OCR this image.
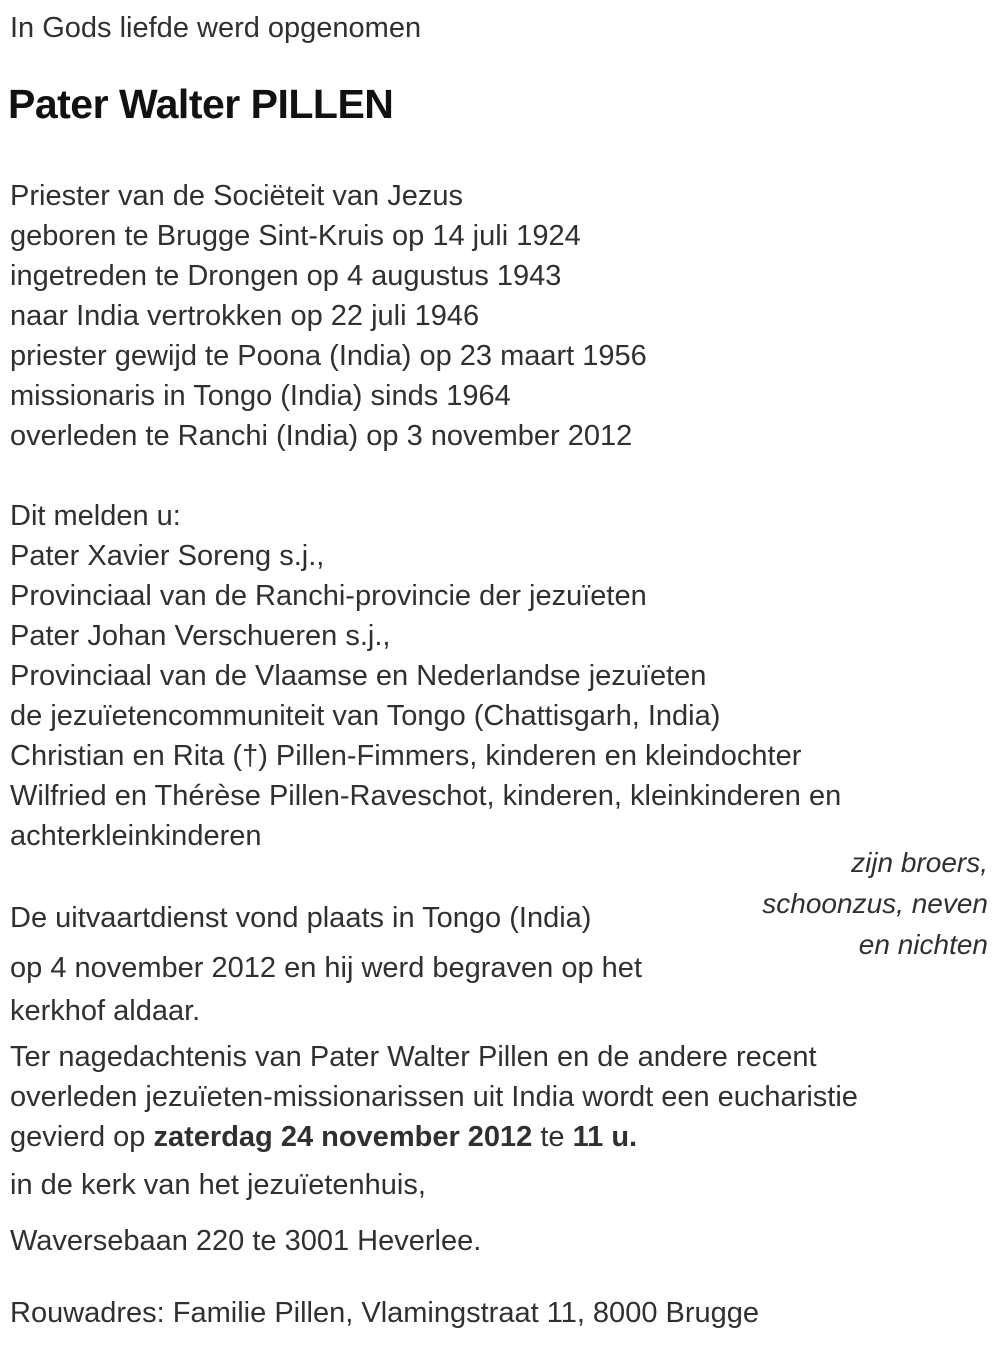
In Gods liefde werd opgenomen
Pater Walter PILLEN
Priester van de Sociëteit van Jezus
geboren te Brugge Sint-Kruis op 14 juli 1924
ingetreden te Drongen op 4 augustus 1943
naar India vertrokken op 22 juli 1946
priester gewijd te Poona (India) op 23 maart 1956
missionaris in Tongo (India) sinds 1964
overleden te Ranchi (India) op 3 november 2012
Dit melden u:
Pater Xavier Soreng s.j.,
Provinciaal van de Ranchi-provincie der jezuïeten
Pater Johan Verschueren s.j.,
Provinciaal van de Vlaamse en Nederlandse jezuïeten
de jezuïetencommuniteit van Tongo (Chattisgarh, India)
Christian en Rita (†) Pillen-Fimmers, kinderen en kleindochter
Wilfried en Thérèse Pillen-Raveschot, kinderen, kleinkinderen en
achterkleinkinderen
zijn broers,
schoonzus, neven
en nichten
De uitvaartdienst vond plaats in Tongo (India)
op 4 november 2012 en hij werd begraven op het
kerkhof aldaar.
Ter nagedachtenis van Pater Walter Pillen en de andere recent
overleden jezuïeten-missionarissen uit India wordt een eucharistie
gevierd op zaterdag 24 november 2012 te 11 u.
in de kerk van het jezuïetenhuis,
Waversebaan 220 te 3001 Heverlee.
Rouwadres: Familie Pillen, Vlamingstraat 11, 8000 Brugge
